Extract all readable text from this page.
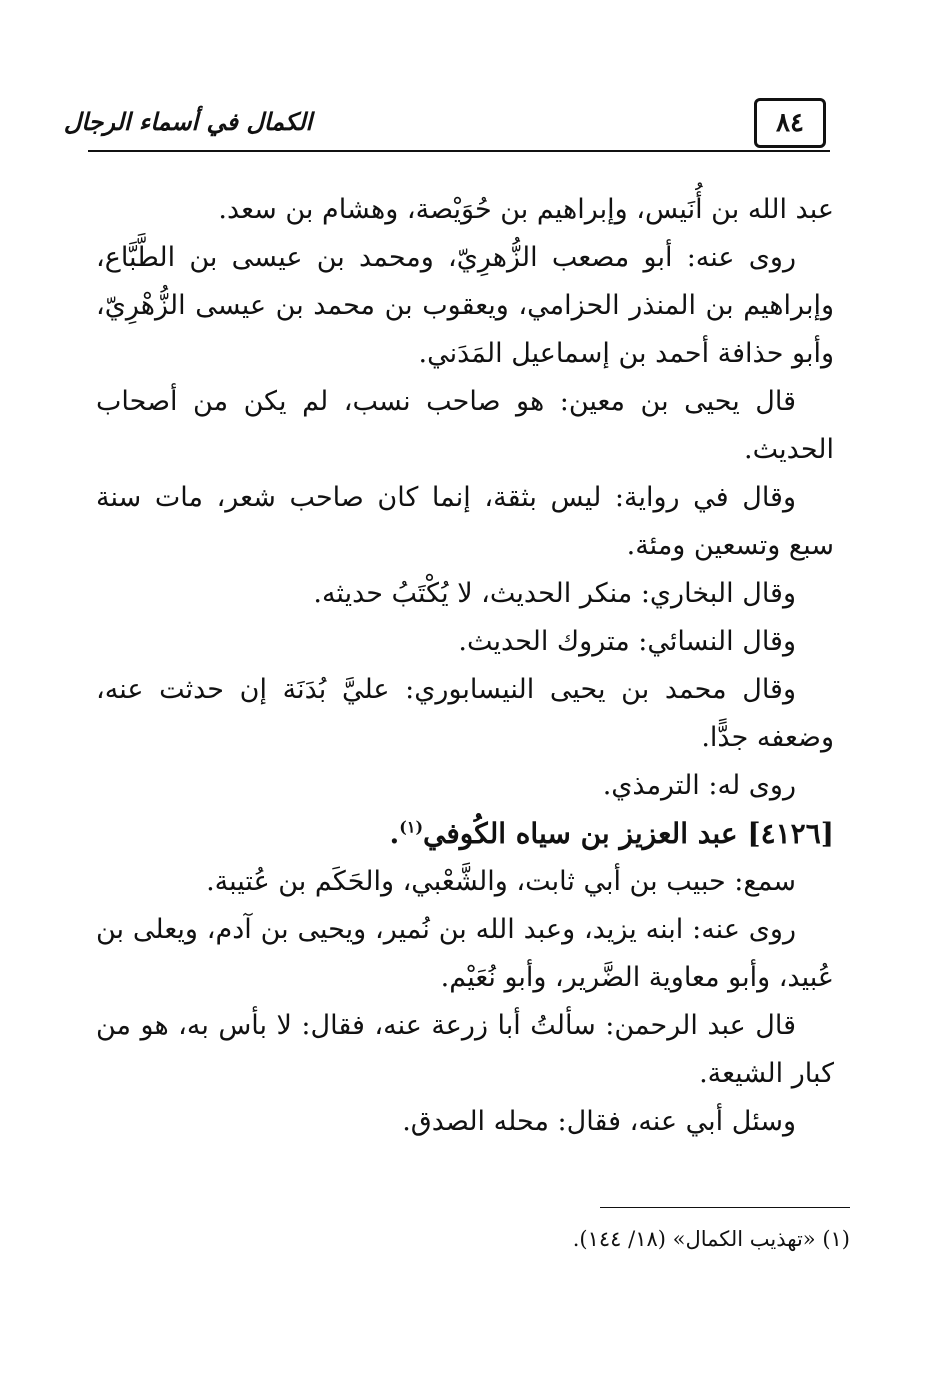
الكمال في أسماء الرجال	٨٤

عبد الله بن أُنَيس، وإبراهيم بن حُوَيْصة، وهشام بن سعد.

روى عنه: أبو مصعب الزُّهرِيّ، ومحمد بن عيسى بن الطَّبَّاع، وإبراهيم بن المنذر الحزامي، ويعقوب بن محمد بن عيسى الزُّهْرِيّ، وأبو حذافة أحمد بن إسماعيل المَدَني.

قال يحيى بن معين: هو صاحب نسب، لم يكن من أصحاب الحديث.

وقال في رواية: ليس بثقة، إنما كان صاحب شعر، مات سنة سبع وتسعين ومئة.

وقال البخاري: منكر الحديث، لا يُكْتَبُ حديثه.

وقال النسائي: متروك الحديث.

وقال محمد بن يحيى النيسابوري: عليَّ بُدَنَة إن حدثت عنه، وضعفه جدًّا.

روى له: الترمذي.

[٤١٢٦] عبد العزيز بن سياه الكُوفي$^{(١)}$.

سمع: حبيب بن أبي ثابت، والشَّعْبي، والحَكَم بن عُتيبة.

روى عنه: ابنه يزيد، وعبد الله بن نُمير، ويحيى بن آدم، ويعلى بن عُبيد، وأبو معاوية الضَّرير، وأبو نُعَيْم.

قال عبد الرحمن: سألتُ أبا زرعة عنه، فقال: لا بأس به، هو من كبار الشيعة.

وسئل أبي عنه، فقال: محله الصدق.

(١) «تهذيب الكمال» (١٨/ ١٤٤).
